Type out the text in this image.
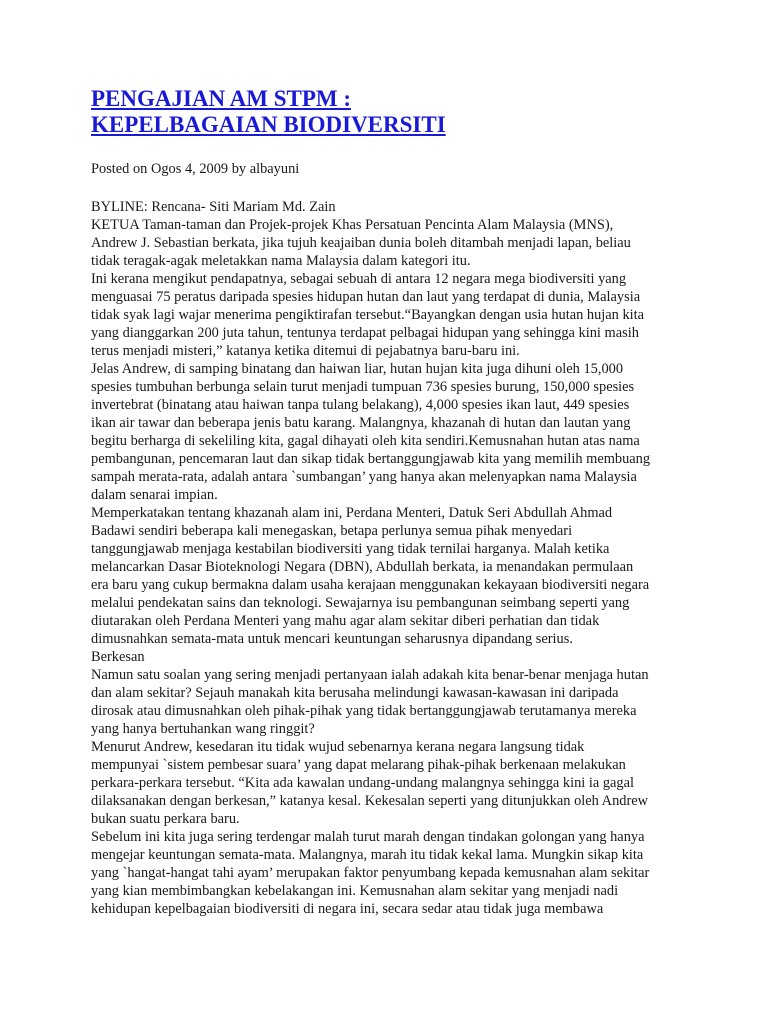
PENGAJIAN AM STPM :
KEPELBAGAIAN BIODIVERSITI
Posted on Ogos 4, 2009 by albayuni
BYLINE: Rencana- Siti Mariam Md. Zain

KETUA Taman-taman dan Projek-projek Khas Persatuan Pencinta Alam Malaysia (MNS),
Andrew J. Sebastian berkata, jika tujuh keajaiban dunia boleh ditambah menjadi lapan, beliau
tidak teragak-agak meletakkan nama Malaysia dalam kategori itu.

Ini kerana mengikut pendapatnya, sebagai sebuah di antara 12 negara mega biodiversiti yang
menguasai 75 peratus daripada spesies hidupan hutan dan laut yang terdapat di dunia, Malaysia
tidak syak lagi wajar menerima pengiktirafan tersebut.“Bayangkan dengan usia hutan hujan kita
yang dianggarkan 200 juta tahun, tentunya terdapat pelbagai hidupan yang sehingga kini masih
terus menjadi misteri,” katanya ketika ditemui di pejabatnya baru-baru ini.

Jelas Andrew, di samping binatang dan haiwan liar, hutan hujan kita juga dihuni oleh 15,000
spesies tumbuhan berbunga selain turut menjadi tumpuan 736 spesies burung, 150,000 spesies
invertebrat (binatang atau haiwan tanpa tulang belakang), 4,000 spesies ikan laut, 449 spesies
ikan air tawar dan beberapa jenis batu karang. Malangnya, khazanah di hutan dan lautan yang
begitu berharga di sekeliling kita, gagal dihayati oleh kita sendiri.Kemusnahan hutan atas nama
pembangunan, pencemaran laut dan sikap tidak bertanggungjawab kita yang memilih membuang
sampah merata-rata, adalah antara `sumbangan’ yang hanya akan melenyapkan nama Malaysia
dalam senarai impian.

Memperkatakan tentang khazanah alam ini, Perdana Menteri, Datuk Seri Abdullah Ahmad
Badawi sendiri beberapa kali menegaskan, betapa perlunya semua pihak menyedari
tanggungjawab menjaga kestabilan biodiversiti yang tidak ternilai harganya. Malah ketika
melancarkan Dasar Bioteknologi Negara (DBN), Abdullah berkata, ia menandakan permulaan
era baru yang cukup bermakna dalam usaha kerajaan menggunakan kekayaan biodiversiti negara
melalui pendekatan sains dan teknologi. Sewajarnya isu pembangunan seimbang seperti yang
diutarakan oleh Perdana Menteri yang mahu agar alam sekitar diberi perhatian dan tidak
dimusnahkan semata-mata untuk mencari keuntungan seharusnya dipandang serius.

Berkesan

Namun satu soalan yang sering menjadi pertanyaan ialah adakah kita benar-benar menjaga hutan
dan alam sekitar? Sejauh manakah kita berusaha melindungi kawasan-kawasan ini daripada
dirosak atau dimusnahkan oleh pihak-pihak yang tidak bertanggungjawab terutamanya mereka
yang hanya bertuhankan wang ringgit?

Menurut Andrew, kesedaran itu tidak wujud sebenarnya kerana negara langsung tidak
mempunyai `sistem pembesar suara’ yang dapat melarang pihak-pihak berkenaan melakukan
perkara-perkara tersebut. “Kita ada kawalan undang-undang malangnya sehingga kini ia gagal
dilaksanakan dengan berkesan,” katanya kesal. Kekesalan seperti yang ditunjukkan oleh Andrew
bukan suatu perkara baru.

Sebelum ini kita juga sering terdengar malah turut marah dengan tindakan golongan yang hanya
mengejar keuntungan semata-mata. Malangnya, marah itu tidak kekal lama. Mungkin sikap kita
yang `hangat-hangat tahi ayam’ merupakan faktor penyumbang kepada kemusnahan alam sekitar
yang kian membimbangkan kebelakangan ini. Kemusnahan alam sekitar yang menjadi nadi
kehidupan kepelbagaian biodiversiti di negara ini, secara sedar atau tidak juga membawa
